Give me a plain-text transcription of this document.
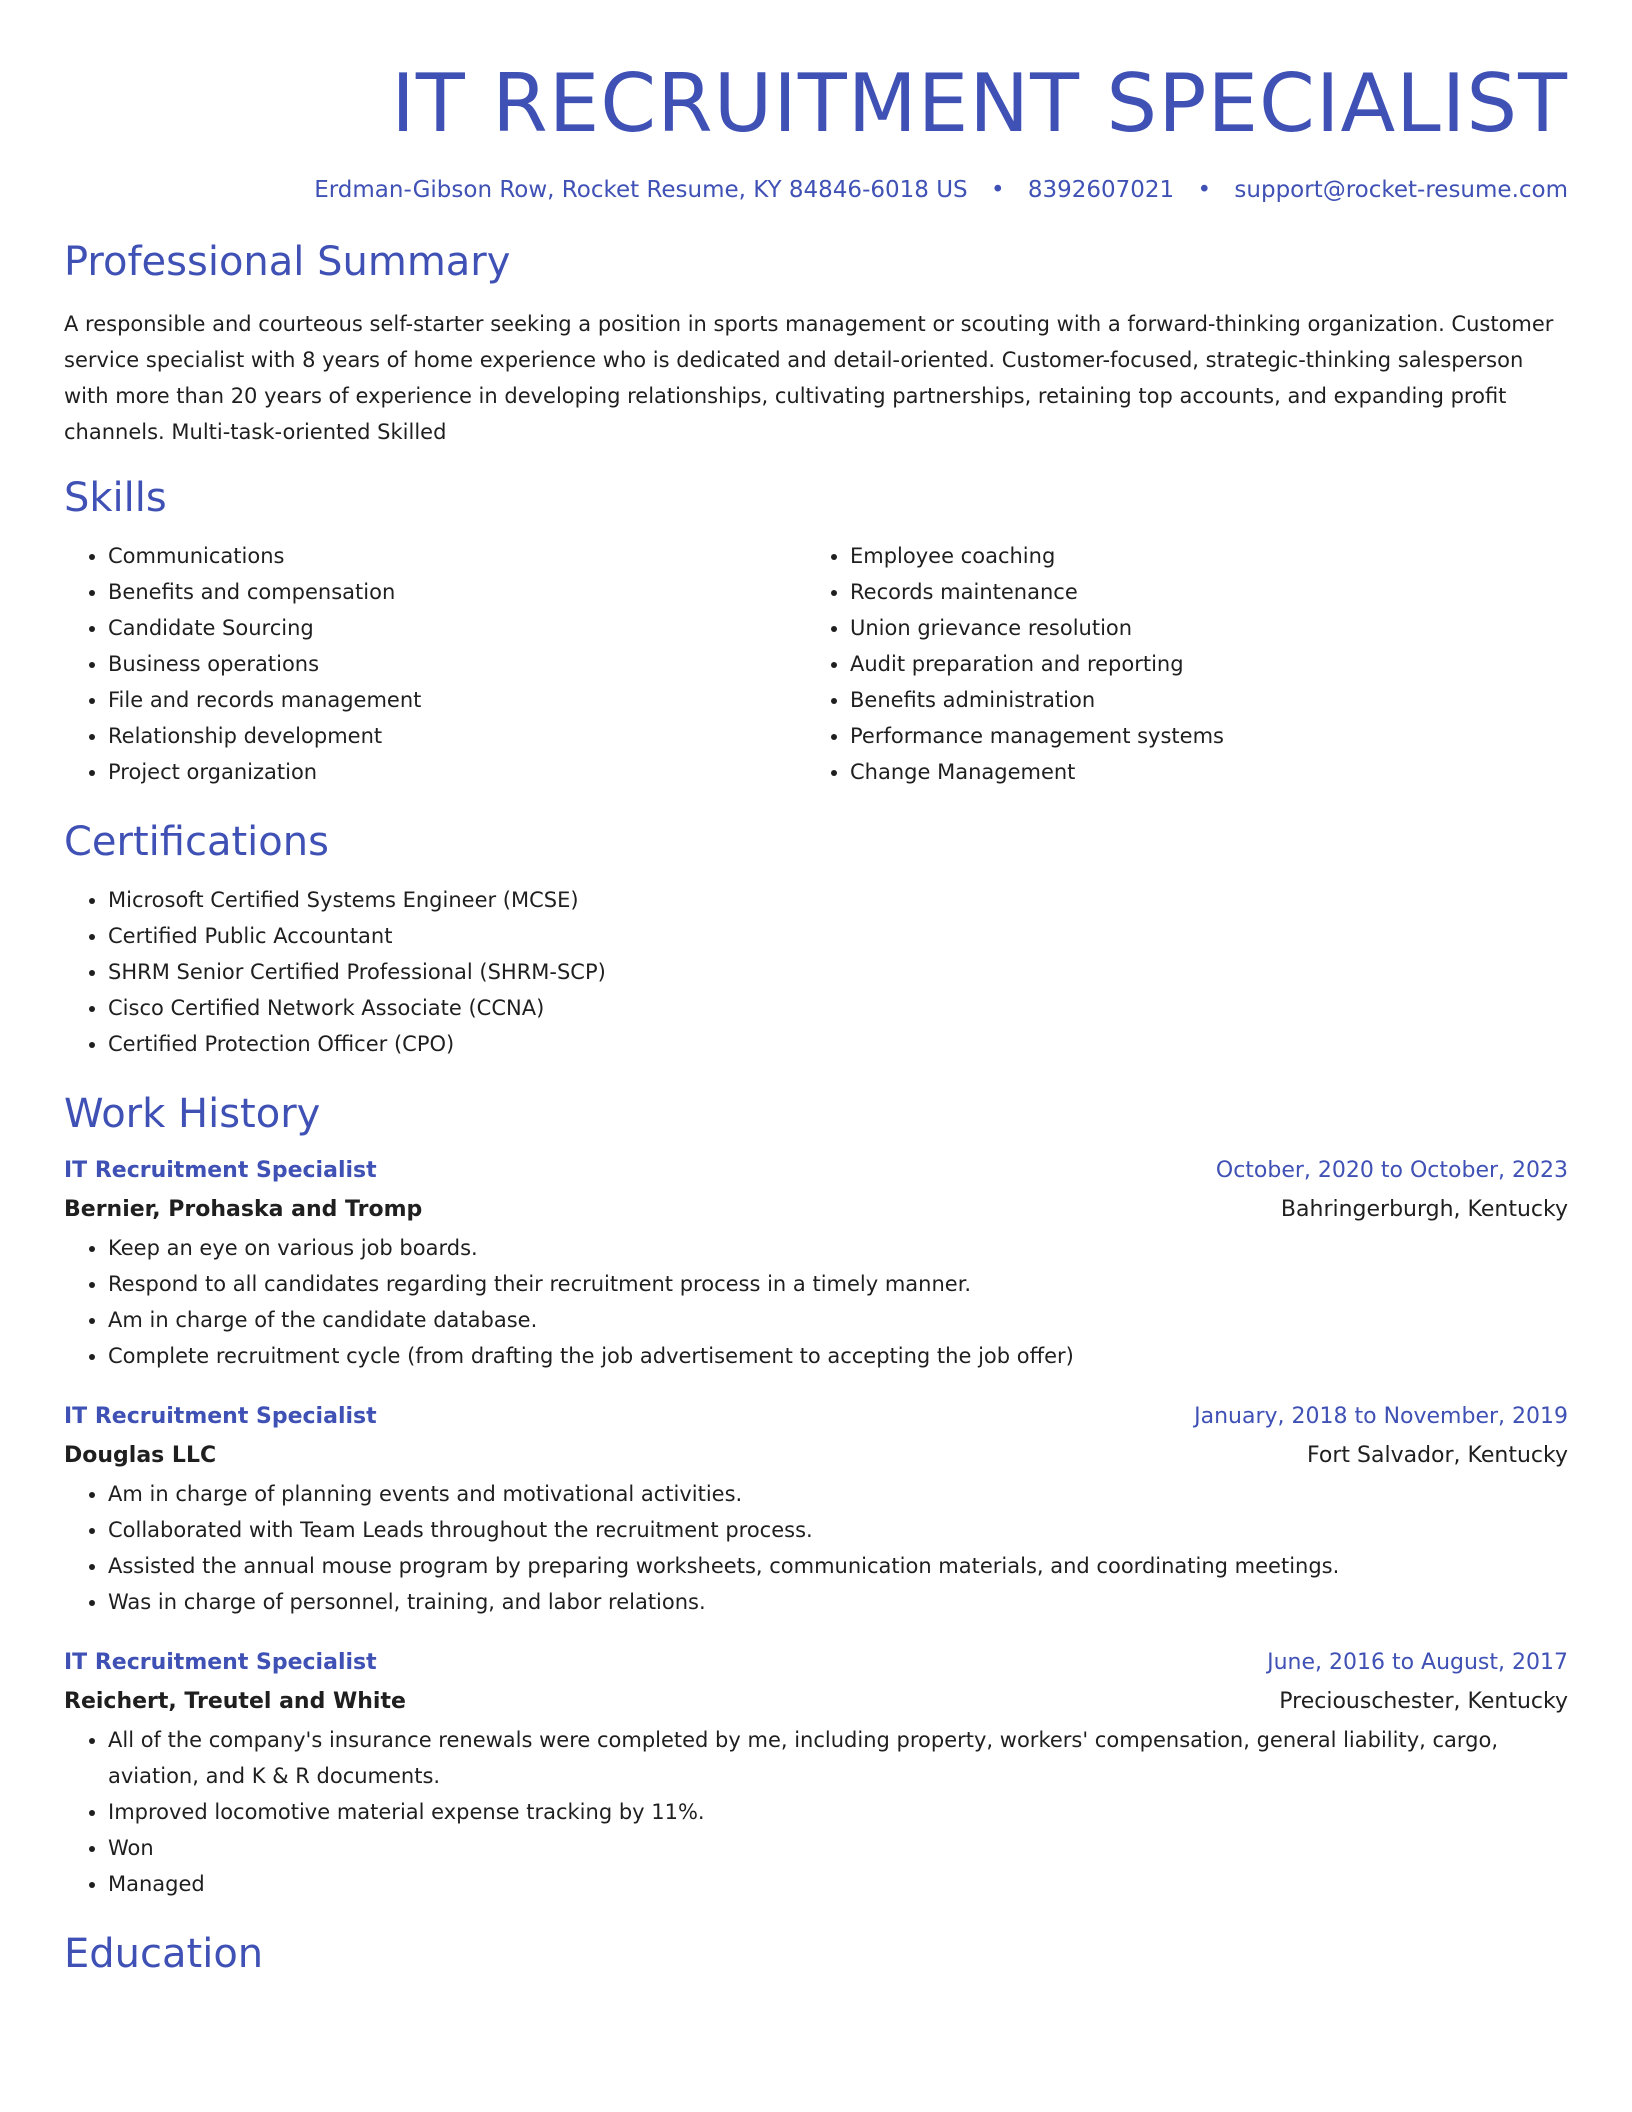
IT RECRUITMENT SPECIALIST
Erdman-Gibson Row, Rocket Resume, KY 84846-6018 US • 8392607021 • support@rocket-resume.com
Professional Summary

A responsible and courteous self-starter seeking a position in sports management or scouting with a forward-thinking organization. Customer service specialist with 8 years of home experience who is dedicated and detail-oriented. Customer-focused, strategic-thinking salesperson with more than 20 years of experience in developing relationships, cultivating partnerships, retaining top accounts, and expanding profit channels. Multi-task-oriented Skilled

Skills
• Communications
• Benefits and compensation
• Candidate Sourcing
• Business operations
• File and records management
• Relationship development
• Project organization
• Employee coaching
• Records maintenance
• Union grievance resolution
• Audit preparation and reporting
• Benefits administration
• Performance management systems
• Change Management
Certifications
• Microsoft Certified Systems Engineer (MCSE)
• Certified Public Accountant
• SHRM Senior Certified Professional (SHRM-SCP)
• Cisco Certified Network Associate (CCNA)
• Certified Protection Officer (CPO)
Work History
IT Recruitment Specialist	October, 2020 to October, 2023
Bernier, Prohaska and Tromp	Bahringerburgh, Kentucky
• Keep an eye on various job boards.
• Respond to all candidates regarding their recruitment process in a timely manner.
• Am in charge of the candidate database.
• Complete recruitment cycle (from drafting the job advertisement to accepting the job offer)
IT Recruitment Specialist	January, 2018 to November, 2019
Douglas LLC	Fort Salvador, Kentucky
• Am in charge of planning events and motivational activities.
• Collaborated with Team Leads throughout the recruitment process.
• Assisted the annual mouse program by preparing worksheets, communication materials, and coordinating meetings.
• Was in charge of personnel, training, and labor relations.
IT Recruitment Specialist	June, 2016 to August, 2017
Reichert, Treutel and White	Preciouschester, Kentucky
• All of the company's insurance renewals were completed by me, including property, workers' compensation, general liability, cargo, aviation, and K & R documents.
• Improved locomotive material expense tracking by 11%.
• Won
• Managed
Education
